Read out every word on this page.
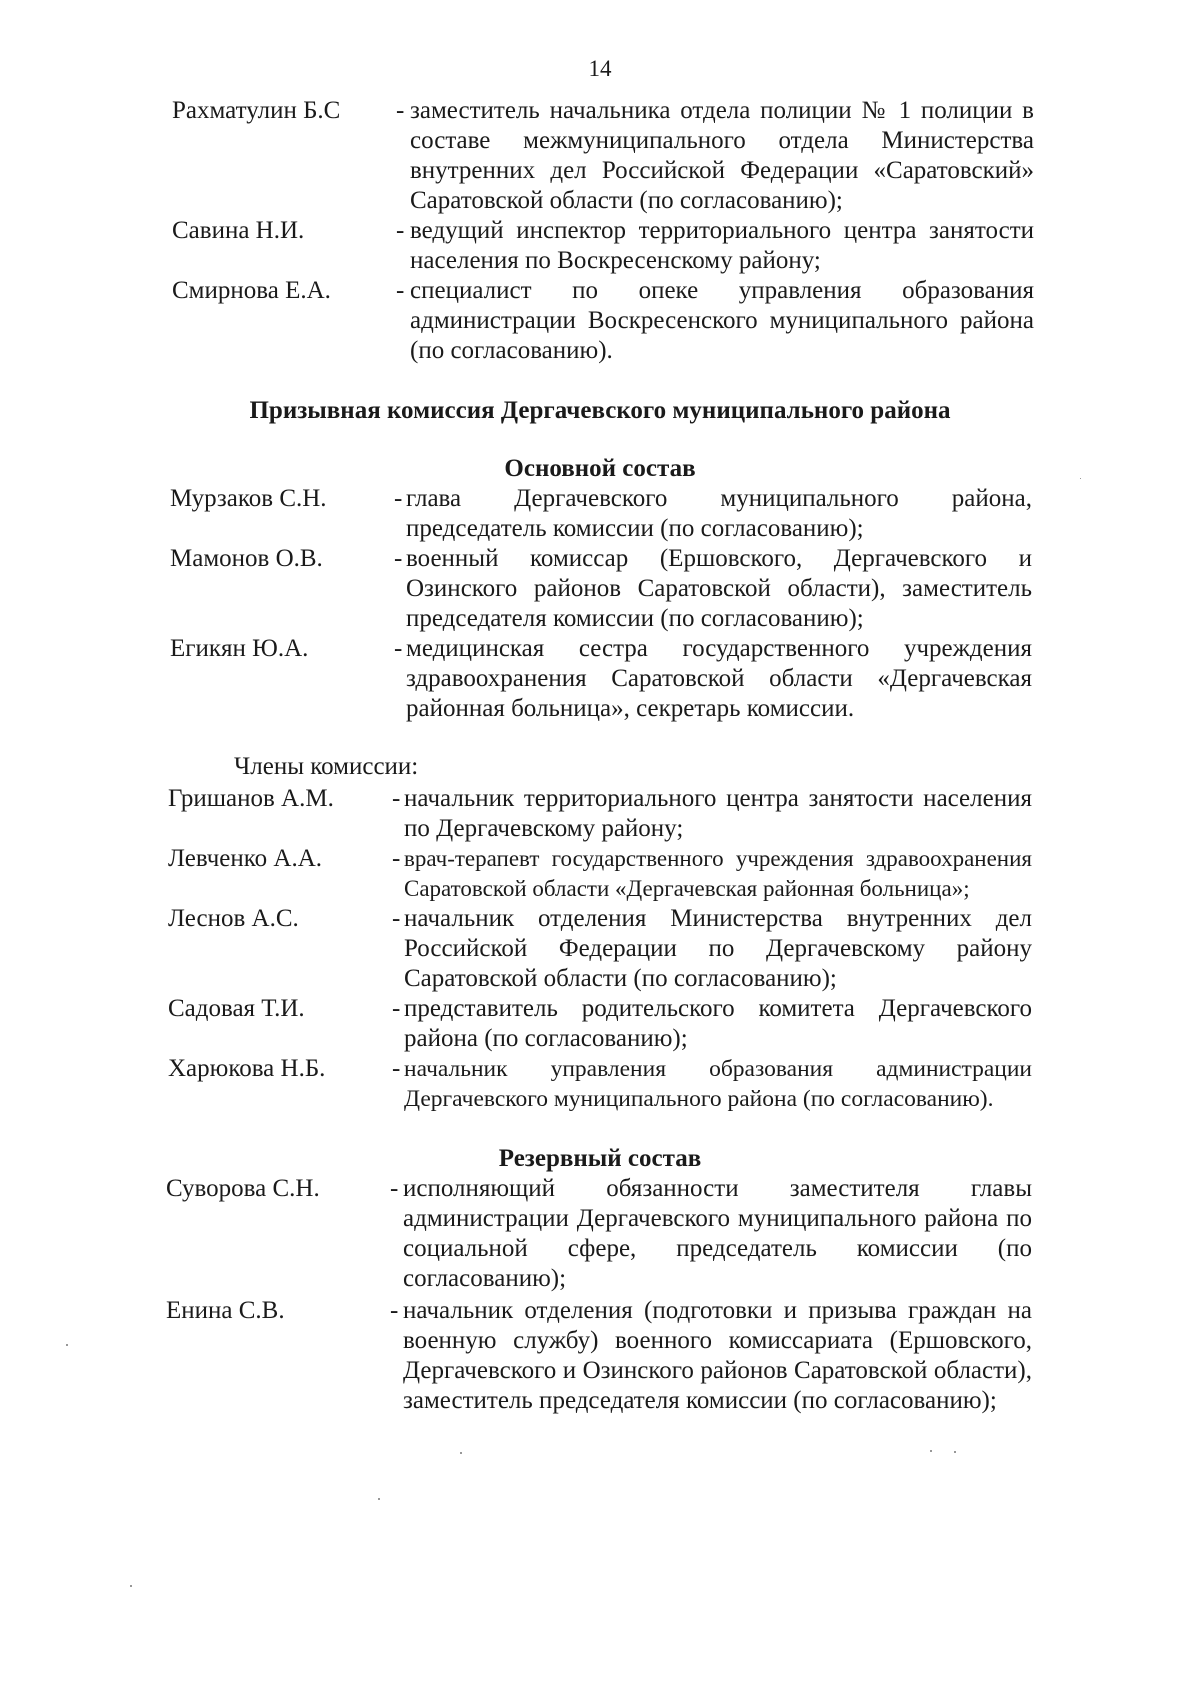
14
Рахматулин Б.С - заместитель начальника отдела полиции № 1 полиции в составе межмуниципального отдела Министерства внутренних дел Российской Федерации «Саратовский» Саратовской области (по согласованию);
Савина Н.И.	- ведущий инспектор территориального центра занятости населения по Воскресенскому району;
Смирнова Е.А.	- специалист по опеке управления образования администрации Воскресенского муниципального района (по согласованию).
Призывная комиссия Дергачевского муниципального района
Основной состав
Мурзаков С.Н.	- глава Дергачевского муниципального района, председатель комиссии (по согласованию);
Мамонов О.В.	- военный комиссар (Ершовского, Дергачевского и Озинского районов Саратовской области), заместитель председателя комиссии (по согласованию);
Егикян Ю.А.	- медицинская сестра государственного учреждения здравоохранения Саратовской области «Дергачевская районная больница», секретарь комиссии.
Члены комиссии:
Гришанов А.М. - начальник территориального центра занятости населения по Дергачевскому району;
Левченко А.А.	- врач-терапевт государственного учреждения здравоохранения Саратовской области «Дергачевская районная больница»;
Леснов А.С.	- начальник отделения Министерства внутренних дел Российской Федерации по Дергачевскому району Саратовской области (по согласованию);
Садовая Т.И.	- представитель родительского комитета Дергачевского района (по согласованию);
Харюкова Н.Б.	- начальник управления образования администрации Дергачевского муниципального района (по согласованию).
Резервный состав
Суворова С.Н.	- исполняющий обязанности заместителя главы администрации Дергачевского муниципального района по социальной сфере, председатель комиссии (по согласованию);
Енина С.В.	- начальник отделения (подготовки и призыва граждан на военную службу) военного комиссариата (Ершовского, Дергачевского и Озинского районов Саратовской области), заместитель председателя комиссии (по согласованию);
